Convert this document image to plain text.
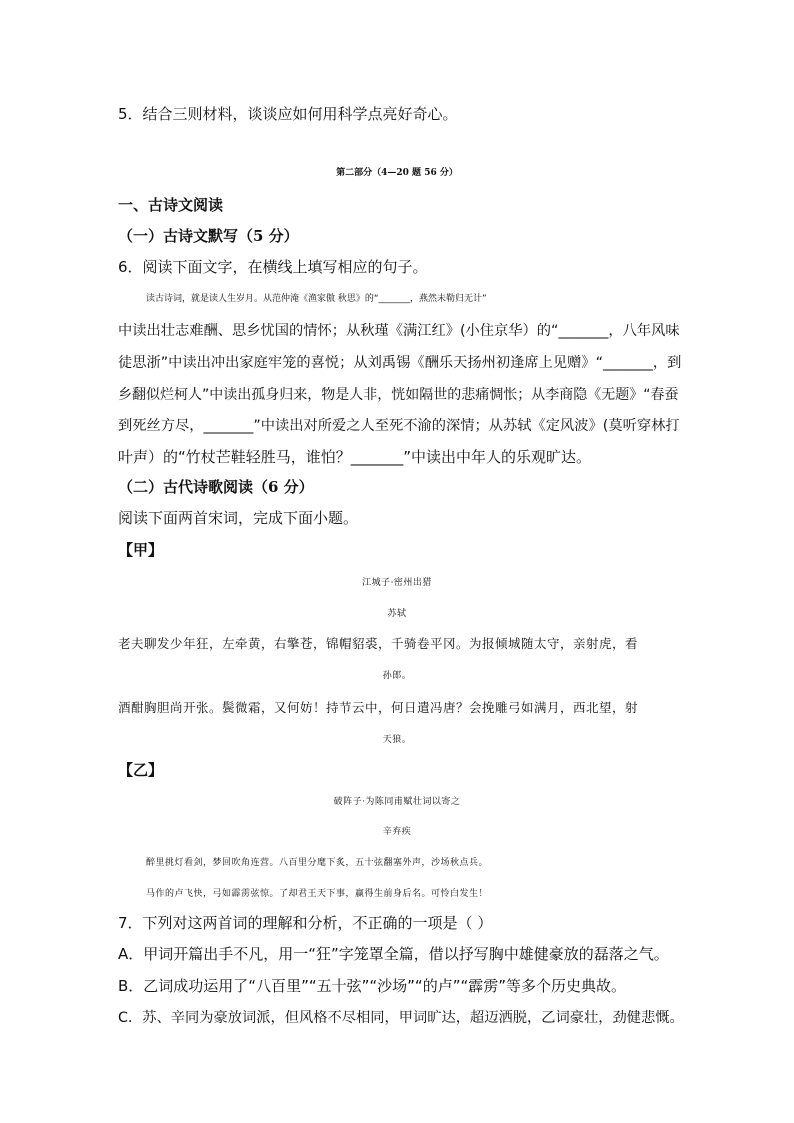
5．结合三则材料，谈谈应如何用科学点亮好奇心。
第二部分（4—20 题 56 分）
一、古诗文阅读
（一）古诗文默写（5 分）
6．阅读下面文字，在横线上填写相应的句子。
读古诗词，就是读人生岁月。从范仲淹《渔家傲 秋思》的“_______，燕然未勒归无计”
中读出壮志难酬、思乡忧国的情怀；从秋瑾《满江红》(小住京华）的“_______，八年风味
徒思浙”中读出冲出家庭牢笼的喜悦；从刘禹锡《酬乐天扬州初逢席上见赠》“_______，到
乡翻似烂柯人”中读出孤身归来，物是人非，恍如隔世的悲痛惆怅；从李商隐《无题》“春蚕
到死丝方尽，_______”中读出对所爱之人至死不渝的深情；从苏轼《定风波》(莫听穿林打
叶声）的“竹杖芒鞋轻胜马，谁怕？_______”中读出中年人的乐观旷达。
（二）古代诗歌阅读（6 分）
阅读下面两首宋词，完成下面小题。
【甲】
江城子·密州出猎
苏轼
老夫聊发少年狂，左牵黄，右擎苍，锦帽貂裘，千骑卷平冈。为报倾城随太守，亲射虎，看
孙郎。
酒酣胸胆尚开张。鬓微霜，又何妨！持节云中，何日遣冯唐？会挽雕弓如满月，西北望，射
天狼。
【乙】
破阵子·为陈同甫赋壮词以寄之
辛弃疾
醉里挑灯看剑，梦回吹角连营。八百里分麾下炙，五十弦翻塞外声，沙场秋点兵。
马作的卢飞快，弓如霹雳弦惊。了却君王天下事，赢得生前身后名。可怜白发生！
7．下列对这两首词的理解和分析，不正确的一项是（ ）
A．甲词开篇出手不凡，用一“狂”字笼罩全篇，借以抒写胸中雄健豪放的磊落之气。
B．乙词成功运用了“八百里”“五十弦”“沙场”“的卢”“霹雳”等多个历史典故。
C．苏、辛同为豪放词派，但风格不尽相同，甲词旷达，超迈洒脱，乙词豪壮，劲健悲慨。
